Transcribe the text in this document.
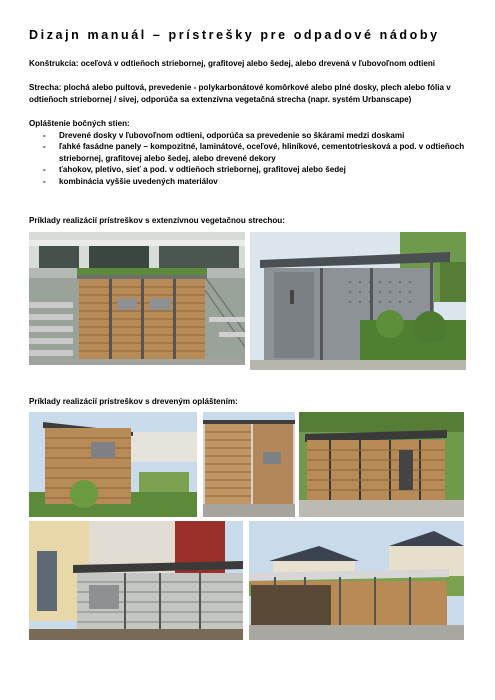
Dizajn manuál – prístrešky pre odpadové nádoby
Konštrukcia: oceľová v odtieňoch striebornej, grafitovej alebo šedej, alebo drevená v ľubovoľnom odtieni
Strecha: plochá alebo pultová, prevedenie - polykarbonátové komôrkové alebo plné dosky, plech alebo fólia v odtieňoch striebornej / sivej, odporúča sa extenzívna vegetačná strecha (napr. systém Urbanscape)
Opláštenie bočných stien:
- Drevené dosky v ľubovoľnom odtieni, odporúča sa prevedenie so škárami medzi doskami
- ľahké fasádne panely – kompozitné, laminátové, oceľové, hliníkové, cementotriesková a pod. v odtieňoch striebornej, grafitovej alebo šedej, alebo drevené dekory
- ťahokov, pletivo, sieť a pod. v odtieňoch striebornej, grafitovej alebo šedej
- kombinácia vyššie uvedených materiálov
Príklady realizácií prístreškov s extenzívnou vegetačnou strechou:
Príklady realizácií prístreškov s dreveným opláštením:
